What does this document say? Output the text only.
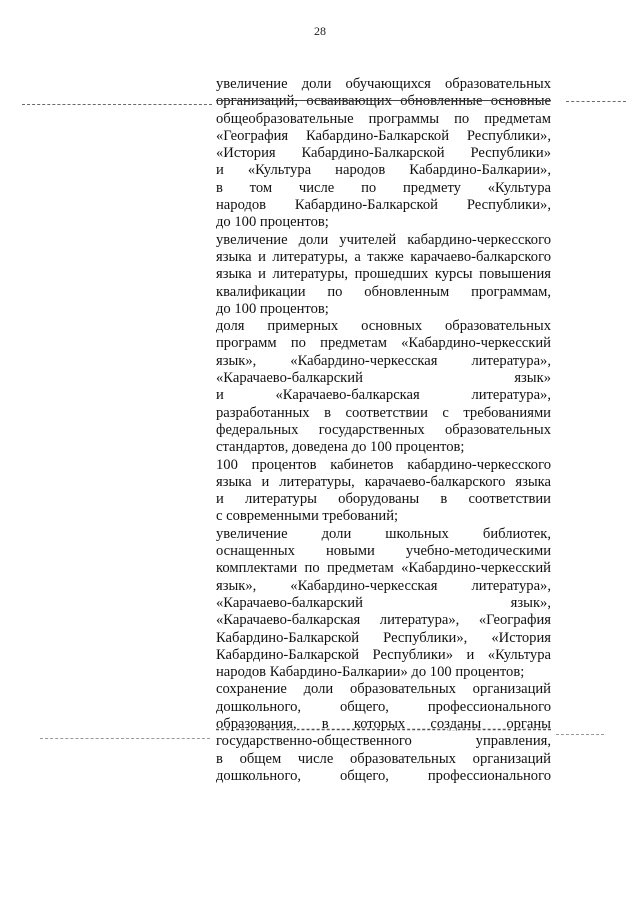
28
увеличение доли обучающихся образовательных
организаций, осваивающих обновленные основные
общеобразовательные программы по предметам
«География Кабардино-Балкарской Республики»,
«История Кабардино-Балкарской Республики»
и «Культура народов Кабардино-Балкарии»,
в том числе по предмету «Культура
народов Кабардино-Балкарской Республики»,
до 100 процентов;
увеличение доли учителей кабардино-черкесского
языка и литературы, а также карачаево-балкарского
языка и литературы, прошедших курсы повышения
квалификации по обновленным программам,
до 100 процентов;
доля примерных основных образовательных
программ по предметам «Кабардино-черкесский
язык», «Кабардино-черкесская литература»,
«Карачаево-балкарский язык»
и «Карачаево-балкарская литература»,
разработанных в соответствии с требованиями
федеральных государственных образовательных
стандартов, доведена до 100 процентов;
100 процентов кабинетов кабардино-черкесского
языка и литературы, карачаево-балкарского языка
и литературы оборудованы в соответствии
с современными требований;
увеличение доли школьных библиотек,
оснащенных новыми учебно-методическими
комплектами по предметам «Кабардино-черкесский
язык», «Кабардино-черкесская литература»,
«Карачаево-балкарский язык»,
«Карачаево-балкарская литература», «География
Кабардино-Балкарской Республики», «История
Кабардино-Балкарской Республики» и «Культура
народов Кабардино-Балкарии» до 100 процентов;
сохранение доли образовательных организаций
дошкольного, общего, профессионального
образования, в которых созданы органы
государственно-общественного управления,
в общем числе образовательных организаций
дошкольного, общего, профессионального
